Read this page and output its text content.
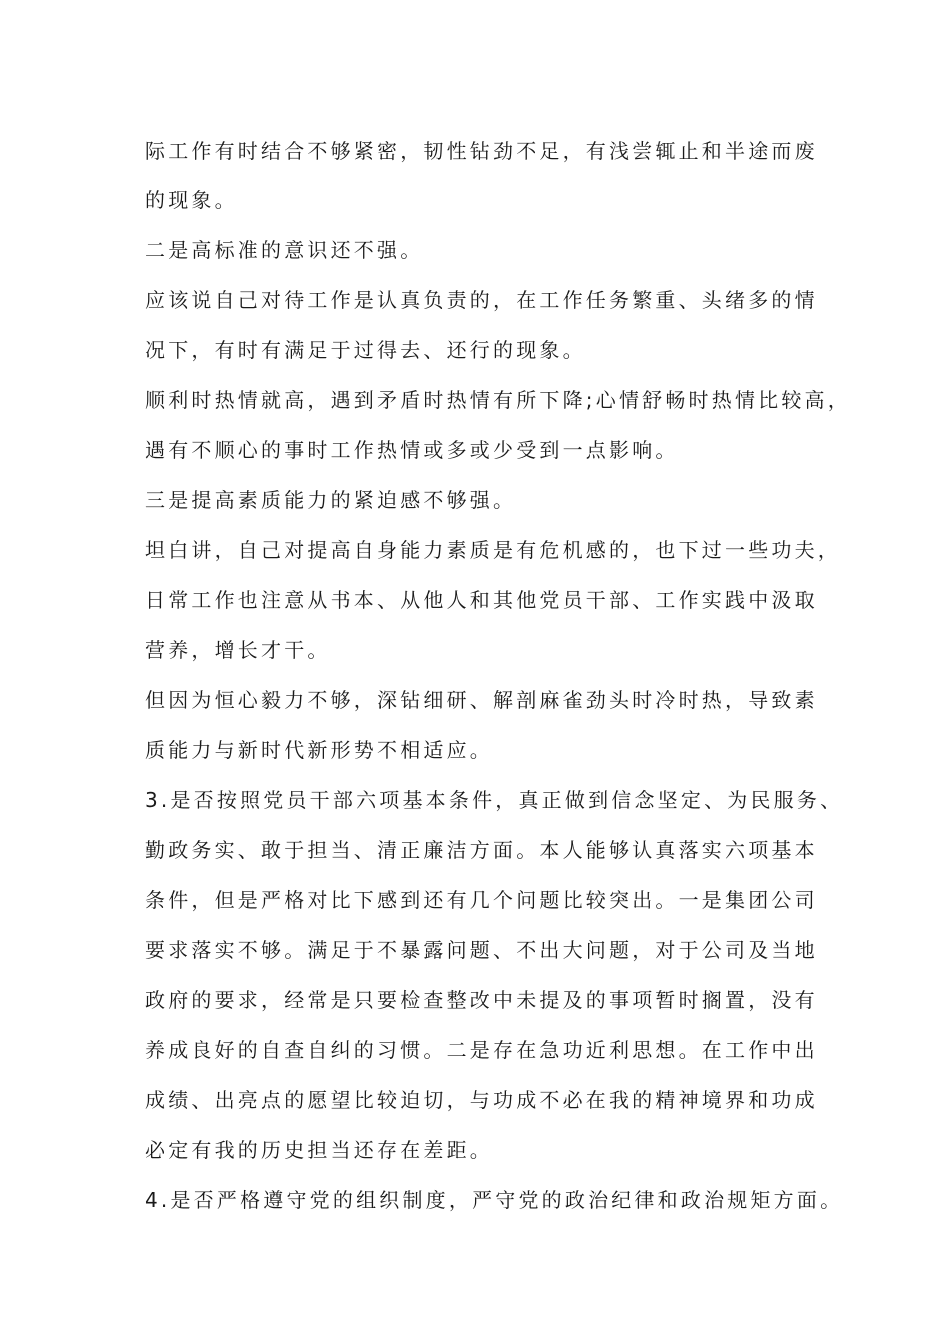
际工作有时结合不够紧密，韧性钻劲不足，有浅尝辄止和半途而废
的现象。
二是高标准的意识还不强。
应该说自己对待工作是认真负责的，在工作任务繁重、头绪多的情
况下，有时有满足于过得去、还行的现象。
顺利时热情就高，遇到矛盾时热情有所下降;心情舒畅时热情比较高，
遇有不顺心的事时工作热情或多或少受到一点影响。
三是提高素质能力的紧迫感不够强。
坦白讲，自己对提高自身能力素质是有危机感的，也下过一些功夫，
日常工作也注意从书本、从他人和其他党员干部、工作实践中汲取
营养，增长才干。
但因为恒心毅力不够，深钻细研、解剖麻雀劲头时冷时热，导致素
质能力与新时代新形势不相适应。
3.是否按照党员干部六项基本条件，真正做到信念坚定、为民服务、
勤政务实、敢于担当、清正廉洁方面。本人能够认真落实六项基本
条件，但是严格对比下感到还有几个问题比较突出。一是集团公司
要求落实不够。满足于不暴露问题、不出大问题，对于公司及当地
政府的要求，经常是只要检查整改中未提及的事项暂时搁置，没有
养成良好的自查自纠的习惯。二是存在急功近利思想。在工作中出
成绩、出亮点的愿望比较迫切，与功成不必在我的精神境界和功成
必定有我的历史担当还存在差距。
4.是否严格遵守党的组织制度，严守党的政治纪律和政治规矩方面。
